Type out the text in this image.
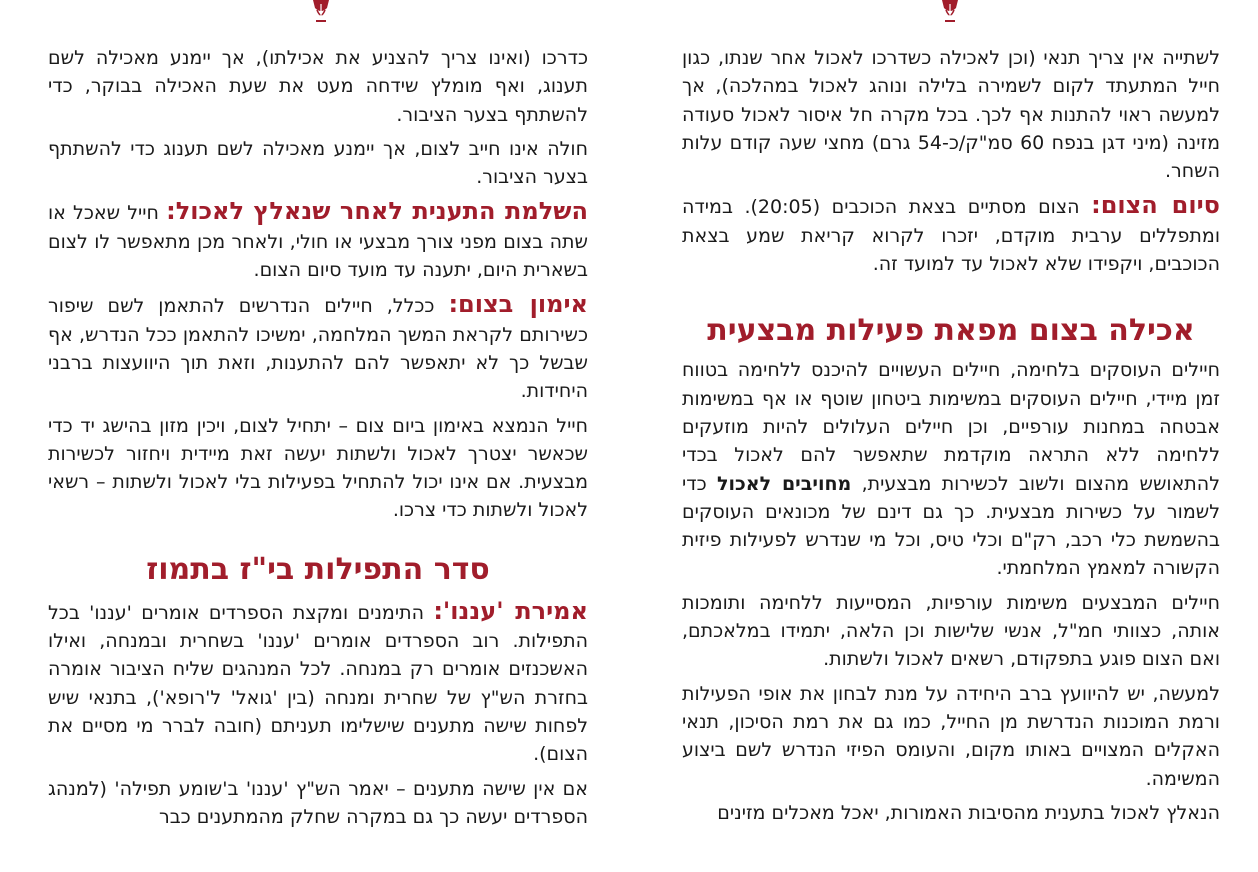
לשתייה אין צריך תנאי (וכן לאכילה כשדרכו לאכול אחר שנתו, כגון חייל המתעתד לקום לשמירה בלילה ונוהג לאכול במהלכה), אך למעשה ראוי להתנות אף לכך. בכל מקרה חל איסור לאכול סעודה מזינה (מיני דגן בנפח 60 סמ"ק/כ-54 גרם) מחצי שעה קודם עלות השחר.

סיום הצום: הצום מסתיים בצאת הכוכבים (20:05). במידה ומתפללים ערבית מוקדם, יזכרו לקרוא קריאת שמע בצאת הכוכבים, ויקפידו שלא לאכול עד למועד זה.

אכילה בצום מפאת פעילות מבצעית

חיילים העוסקים בלחימה, חיילים העשויים להיכנס ללחימה בטווח זמן מיידי, חיילים העוסקים במשימות ביטחון שוטף או אף במשימות אבטחה במחנות עורפיים, וכן חיילים העלולים להיות מוזעקים ללחימה ללא התראה מוקדמת שתאפשר להם לאכול בכדי להתאושש מהצום ולשוב לכשירות מבצעית, מחויבים לאכול כדי לשמור על כשירות מבצעית. כך גם דינם של מכונאים העוסקים בהשמשת כלי רכב, רק"ם וכלי טיס, וכל מי שנדרש לפעילות פיזית הקשורה למאמץ המלחמתי.

חיילים המבצעים משימות עורפיות, המסייעות ללחימה ותומכות אותה, כצוותי חמ"ל, אנשי שלישות וכן הלאה, יתמידו במלאכתם, ואם הצום פוגע בתפקודם, רשאים לאכול ולשתות.

למעשה, יש להיוועץ ברב היחידה על מנת לבחון את אופי הפעילות ורמת המוכנות הנדרשת מן החייל, כמו גם את רמת הסיכון, תנאי האקלים המצויים באותו מקום, והעומס הפיזי הנדרש לשם ביצוע המשימה.

הנאלץ לאכול בתענית מהסיבות האמורות, יאכל מאכלים מזינים

כדרכו (ואינו צריך להצניע את אכילתו), אך יימנע מאכילה לשם תענוג, ואף מומלץ שידחה מעט את שעת האכילה בבוקר, כדי להשתתף בצער הציבור.

חולה אינו חייב לצום, אך יימנע מאכילה לשם תענוג כדי להשתתף בצער הציבור.

השלמת התענית לאחר שנאלץ לאכול: חייל שאכל או שתה בצום מפני צורך מבצעי או חולי, ולאחר מכן מתאפשר לו לצום בשארית היום, יתענה עד מועד סיום הצום.

אימון בצום: ככלל, חיילים הנדרשים להתאמן לשם שיפור כשירותם לקראת המשך המלחמה, ימשיכו להתאמן ככל הנדרש, אף שבשל כך לא יתאפשר להם להתענות, וזאת תוך היוועצות ברבני היחידות.

חייל הנמצא באימון ביום צום – יתחיל לצום, ויכין מזון בהישג יד כדי שכאשר יצטרך לאכול ולשתות יעשה זאת מיידית ויחזור לכשירות מבצעית. אם אינו יכול להתחיל בפעילות בלי לאכול ולשתות – רשאי לאכול ולשתות כדי צרכו.

סדר התפילות בי"ז בתמוז

אמירת 'עננו': התימנים ומקצת הספרדים אומרים 'עננו' בכל התפילות. רוב הספרדים אומרים 'עננו' בשחרית ובמנחה, ואילו האשכנזים אומרים רק במנחה. לכל המנהגים שליח הציבור אומרה בחזרת הש"ץ של שחרית ומנחה (בין 'גואל' ל'רופא'), בתנאי שיש לפחות שישה מתענים שישלימו תעניתם (חובה לברר מי מסיים את הצום).

אם אין שישה מתענים – יאמר הש"ץ 'עננו' ב'שומע תפילה' (למנהג הספרדים יעשה כך גם במקרה שחלק מהמתענים כבר
